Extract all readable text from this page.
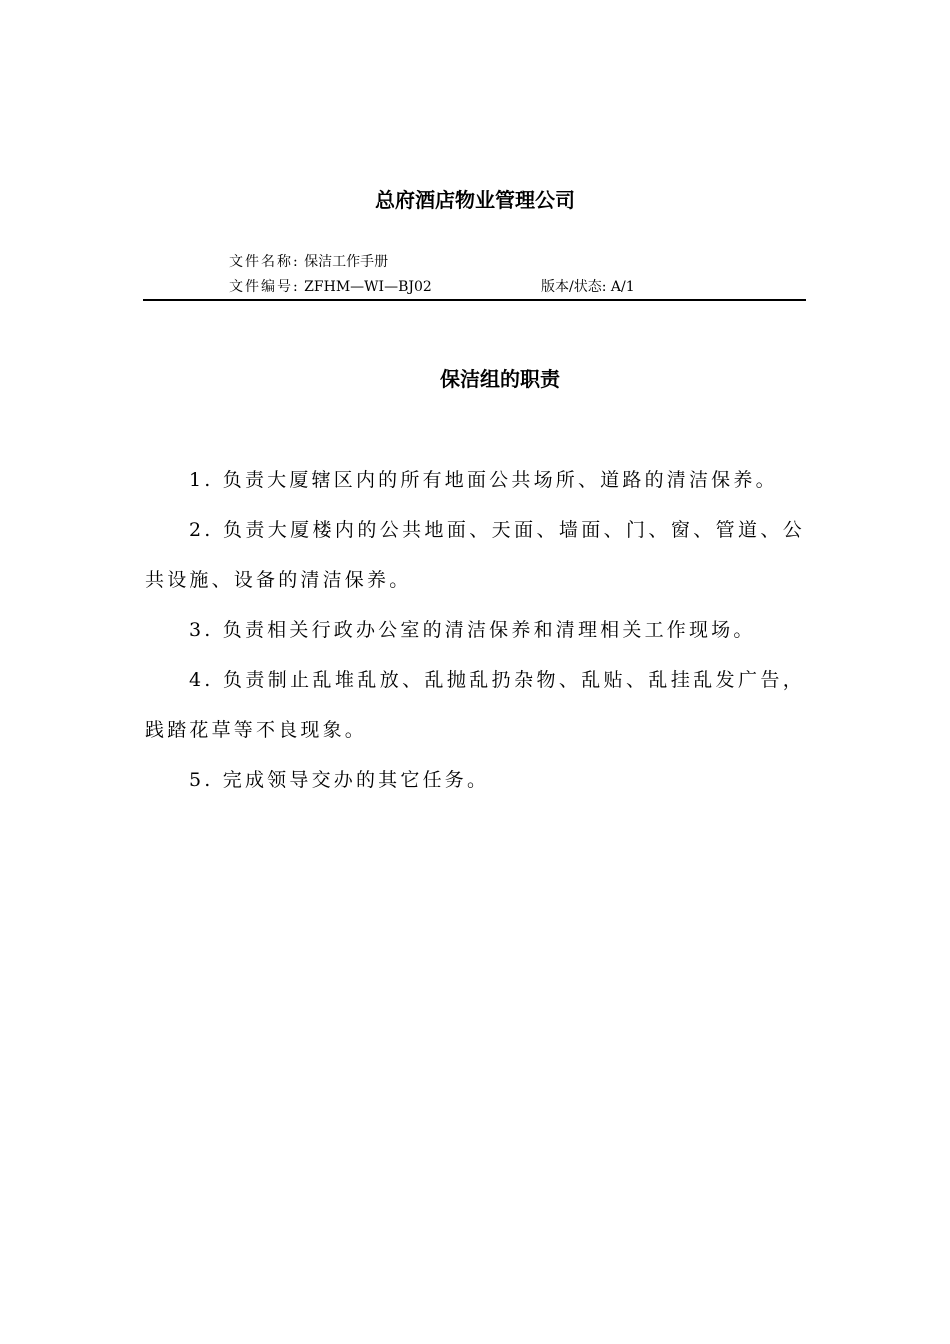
总府酒店物业管理公司
文件名称: 保洁工作手册
文件编号: ZFHM—WI—BJ02	版本/状态: A/1
保洁组的职责
1. 负责大厦辖区内的所有地面公共场所、道路的清洁保养。
2. 负责大厦楼内的公共地面、天面、墙面、门、窗、管道、公共设施、设备的清洁保养。
3. 负责相关行政办公室的清洁保养和清理相关工作现场。
4. 负责制止乱堆乱放、乱抛乱扔杂物、乱贴、乱挂乱发广告，践踏花草等不良现象。
5. 完成领导交办的其它任务。
